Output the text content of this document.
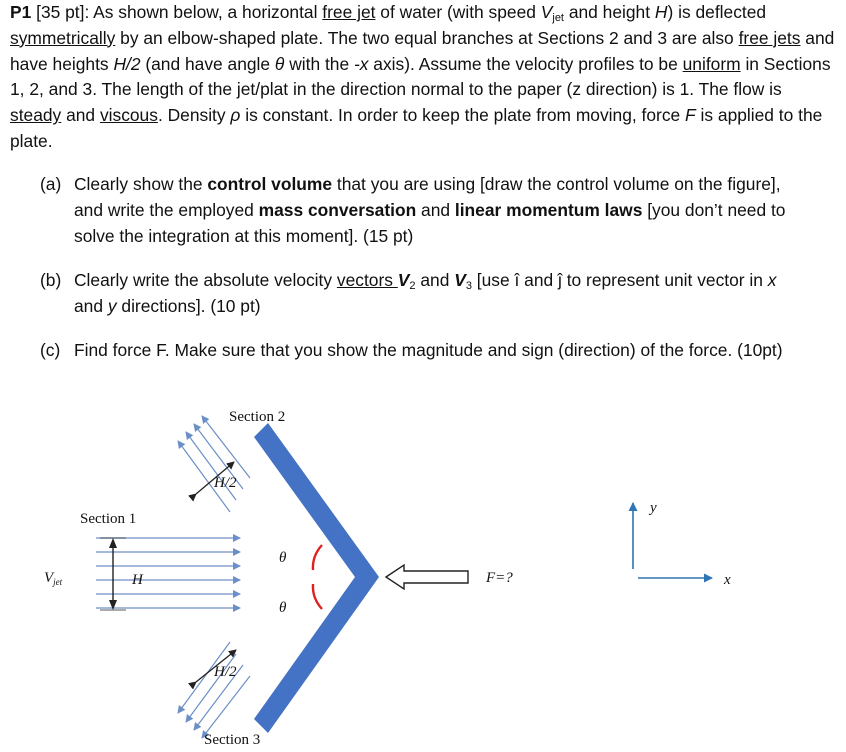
P1 [35 pt]: As shown below, a horizontal free jet of water (with speed $V_{jet}$ and height H) is deflected symmetrically by an elbow-shaped plate. The two equal branches at Sections 2 and 3 are also free jets and have heights H/2 (and have angle θ with the -x axis). Assume the velocity profiles to be uniform in Sections 1, 2, and 3. The length of the jet/plat in the direction normal to the paper (z direction) is 1. The flow is steady and viscous. Density ρ is constant. In order to keep the plate from moving, force F is applied to the plate.

(a) Clearly show the control volume that you are using [draw the control volume on the figure], and write the employed mass conversation and linear momentum laws [you don’t need to solve the integration at this moment]. (15 pt)
(b) Clearly write the absolute velocity vectors $V_2$ and $V_3$ [use î and ĵ to represent unit vector in x and y directions]. (10 pt)
(c) Find force F. Make sure that you show the magnitude and sign (direction) of the force. (10pt)
Section 2
Section 1
Section 3
H/2
H/2
θ
θ
$V_{jet}$	H	F=?
y
x
